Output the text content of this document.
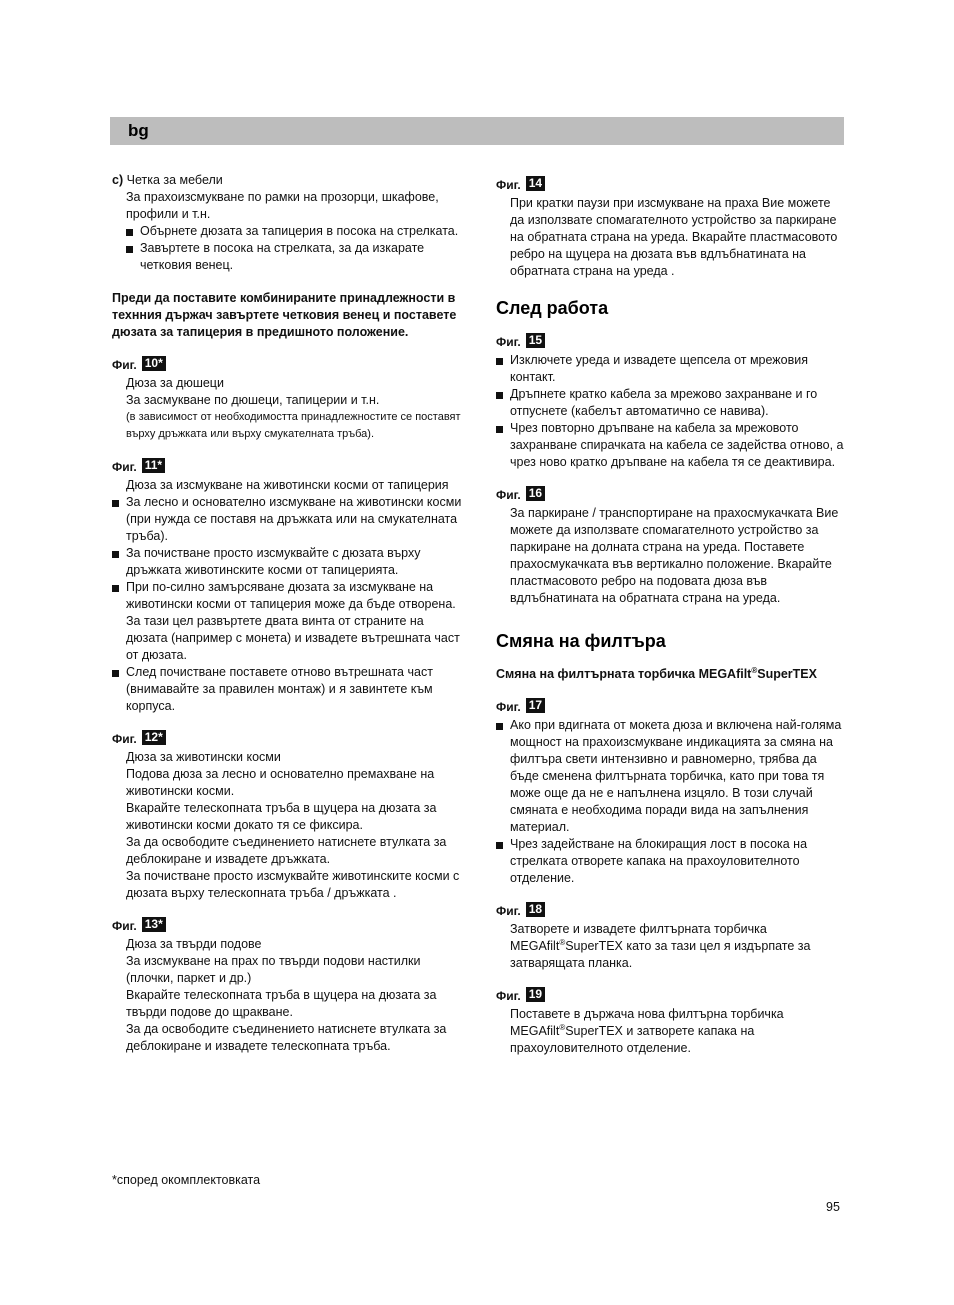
bg

c) Четка за мебели

За прахоизсмукване по рамки на прозорци, шкафове, профили и т.н.

Обърнете дюзата за тапицерия в посока на стрелката.

Завъртете в посока на стрелката, за да изкарате четковия венец.

Преди да поставите комбинираните принадлежности в технния държач завъртете четковия венец и поставете дюзата за тапицерия в предишното положение.

Фиг. 10*

Дюза за дюшеци

За засмукване по дюшеци, тапицерии и т.н.

(в зависимост от необходимостта принадлежностите се поставят върху дръжката или върху смукателната тръба).

Фиг. 11*

Дюза за изсмукване на животински косми от тапицерия

За лесно и основателно изсмукване на животински косми (при нужда се поставя на дръжката или на смукателната тръба).

За почистване просто изсмуквайте с дюзата върху дръжката животинските косми от тапицерията.

При по-силно замърсяване дюзата за изсмукване на животински косми от тапицерия може да бъде отворена.

За тази цел развъртете двата винта от страните на дюзата (например с монета) и извадете вътрешната част от дюзата.

След почистване поставете отново вътрешната част (внимавайте за правилен монтаж) и я завинтете към корпуса.

Фиг. 12*

Дюза за животински косми

Подова дюза за лесно и основателно премахване на животински косми.

Вкарайте телескопната тръба в щуцера на дюзата за животински косми докато тя се фиксира.

За да освободите съединението натиснете втулката за деблокиране и извадете дръжката.

За почистване просто изсмуквайте животинските косми с дюзата върху телескопната тръба / дръжката .

Фиг. 13*

Дюза за твърди подове

За изсмукване на прах по твърди подови настилки (плочки, паркет и др.)

Вкарайте телескопната тръба в щуцера на дюзата за твърди подове до щракване.

За да освободите съединението натиснете втулката за деблокиране и извадете телескопната тръба.

Фиг. 14

При кратки паузи при изсмукване на праха Вие можете да използвате спомагателното устройство за паркиране на обратната страна на уреда. Вкарайте пластмасовото ребро на щуцера на дюзата във вдлъбнатината на обратната страна на уреда .

След работа

Фиг. 15

Изключете уреда и извадете щепсела от мрежовия контакт.

Дръпнете кратко кабела за мрежово захранване и го отпуснете (кабелът автоматично се навива).

Чрез повторно дръпване на кабела за мрежовото захранване спирачката на кабела се задейства отново, а чрез ново кратко дръпване на кабела тя се деактивира.

Фиг. 16

За паркиране / транспортиране на прахосмукачката Вие можете да използвате спомагателното устройство за паркиране на долната страна на уреда. Поставете прахосмукачката във вертикално положение. Вкарайте пластмасовото ребро на подовата дюза във вдлъбнатината на обратната страна на уреда.

Смяна на филтъра

Смяна на филтърната торбичка MEGAfilt®SuperTEX

Фиг. 17

Ако при вдигната от мокета дюза и включена най-голяма мощност на прахоизсмукване индикацията за смяна на филтъра свети интензивно и равномерно, трябва да бъде сменена филтърната торбичка, като при това тя може още да не е напълнена изцяло. В този случай смяната е необходима поради вида на запълнения материал.

Чрез задействане на блокиращия лост в посока на стрелката отворете капака на прахоуловителното отделение.

Фиг. 18

Затворете и извадете филтърната торбичка MEGAfilt®SuperTEX като за тази цел я издърпате за затварящата планка.

Фиг. 19

Поставете в държача нова филтърна торбичка MEGAfilt®SuperTEX и затворете капака на прахоуловителното отделение.

*според окомплектовката
95
